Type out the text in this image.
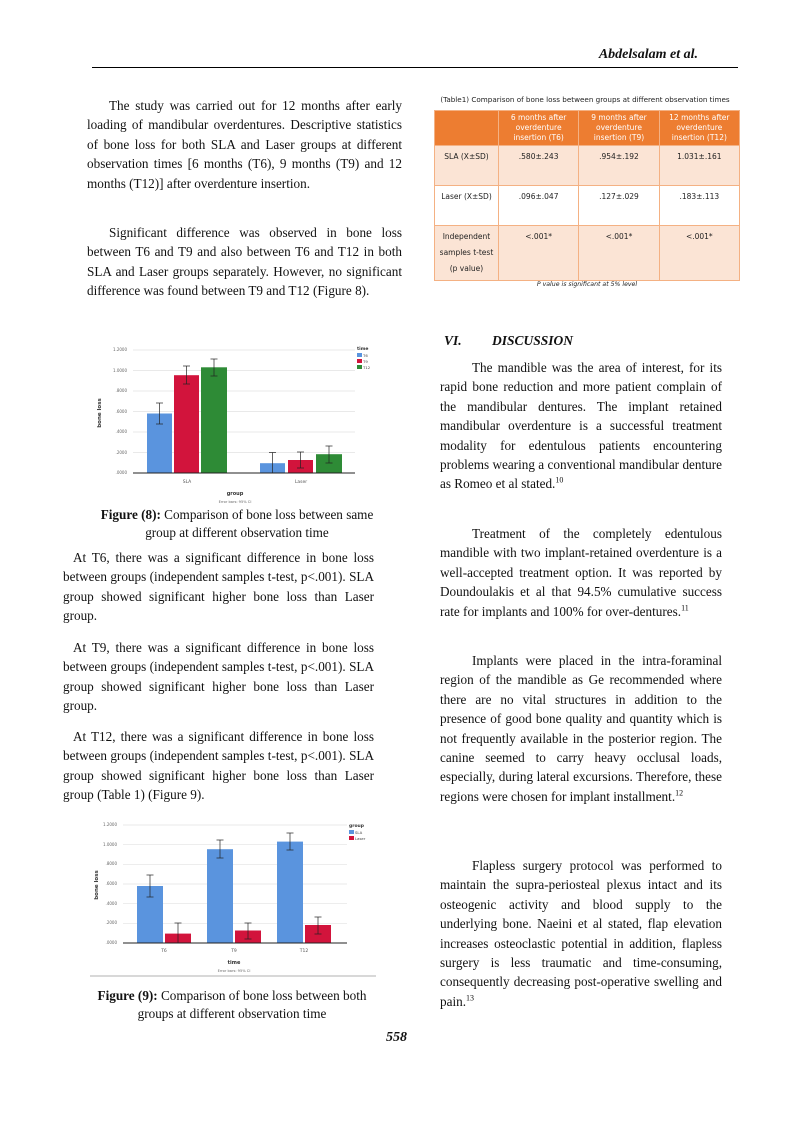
Abdelsalam et al.
The study was carried out for 12 months after early loading of mandibular overdentures. Descriptive statistics of bone loss for both SLA and Laser groups at different observation times [6 months (T6), 9 months (T9) and 12 months (T12)] after overdenture insertion.
Significant difference was observed in bone loss between T6 and T9 and also between T6 and T12 in both SLA and Laser groups separately. However, no significant difference was found between T9 and T12 (Figure 8).
1.2000
1.0000
.8000
.6000
.4000
.2000
.0000
bone loss
SLA	Laser
group
Error bars: 95% CI
time
T6
T9
T12
Figure (8): Comparison of bone loss between same group at different observation time
At T6, there was a significant difference in bone loss between groups (independent samples t-test, p<.001). SLA group showed significant higher bone loss than Laser group.
At T9, there was a significant difference in bone loss between groups (independent samples t-test, p<.001). SLA group showed significant higher bone loss than Laser group.
At T12, there was a significant difference in bone loss between groups (independent samples t-test, p<.001). SLA group showed significant higher bone loss than Laser group (Table 1) (Figure 9).
1.2000
1.0000
.8000
.6000
.4000
.2000
.0000
bone loss
T6	T9	T12
time
Error bars: 95% CI
group
SLA
Laser
Figure (9): Comparison of bone loss between both groups at different observation time
(Table1) Comparison of bone loss between groups at different observation times
	6 months after overdenture insertion (T6)	9 months after overdenture insertion (T9)	12 months after overdenture insertion (T12)
SLA (X±SD)	.580±.243	.954±.192	1.031±.161
Laser (X±SD)	.096±.047	.127±.029	.183±.113
Independent samples t-test (p value)	<.001*	<.001*	<.001*
P value is significant at 5% level
VI. DISCUSSION
The mandible was the area of interest, for its rapid bone reduction and more patient complain of the mandibular dentures. The implant retained mandibular overdenture is a successful treatment modality for edentulous patients encountering problems wearing a conventional mandibular denture as Romeo et al stated.$^{10}$
Treatment of the completely edentulous mandible with two implant-retained overdenture is a well-accepted treatment option. It was reported by Doundoulakis et al that 94.5% cumulative success rate for implants and 100% for over-dentures.$^{11}$
Implants were placed in the intra-foraminal region of the mandible as Ge recommended where there are no vital structures in addition to the presence of good bone quality and quantity which is not frequently available in the posterior region. The canine seemed to carry heavy occlusal loads, especially, during lateral excursions. Therefore, these regions were chosen for implant installment.$^{12}$
Flapless surgery protocol was performed to maintain the supra-periosteal plexus intact and its osteogenic activity and blood supply to the underlying bone. Naeini et al stated, flap elevation increases osteoclastic potential in addition, flapless surgery is less traumatic and time-consuming, consequently decreasing post-operative swelling and pain.$^{13}$
558
